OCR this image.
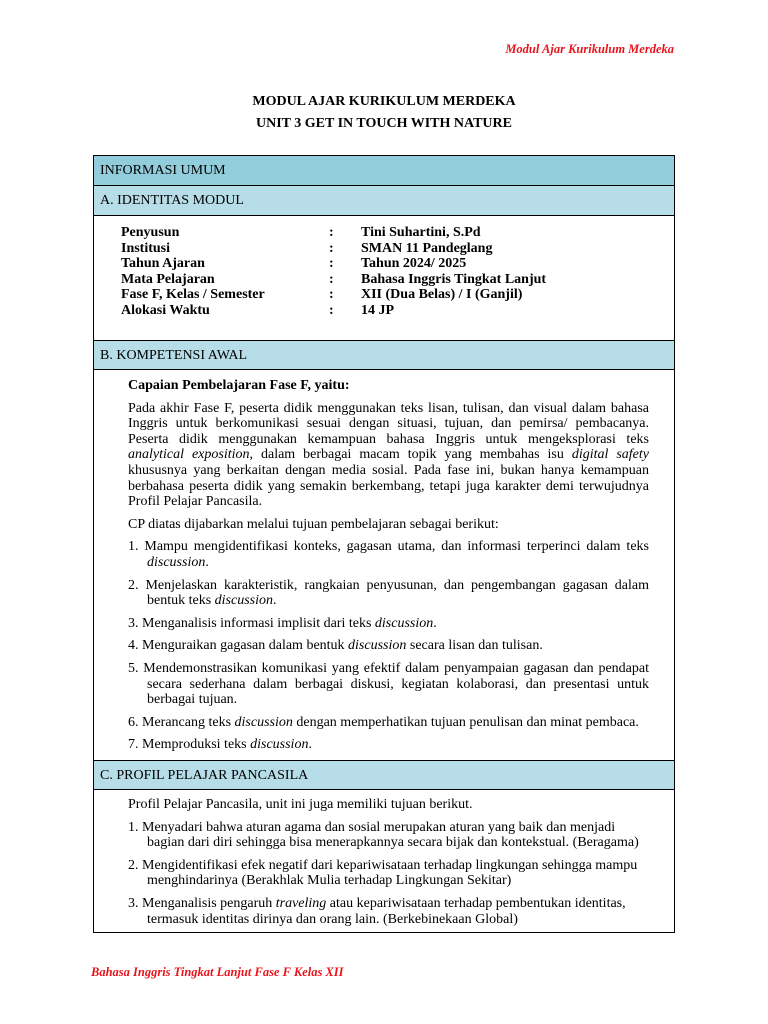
Modul Ajar Kurikulum Merdeka
MODUL AJAR KURIKULUM MERDEKA
UNIT 3 GET IN TOUCH WITH NATURE
INFORMASI UMUM
A. IDENTITAS MODUL
Penyusun	: Tini Suhartini, S.Pd
Institusi	: SMAN 11 Pandeglang
Tahun Ajaran	: Tahun 2024/ 2025
Mata Pelajaran	: Bahasa Inggris Tingkat Lanjut
Fase F, Kelas / Semester	: XII (Dua Belas) / I (Ganjil)
Alokasi Waktu	: 14 JP
B. KOMPETENSI AWAL

Capaian Pembelajaran Fase F, yaitu:

Pada akhir Fase F, peserta didik menggunakan teks lisan, tulisan, dan visual dalam bahasa Inggris untuk berkomunikasi sesuai dengan situasi, tujuan, dan pemirsa/ pembacanya. Peserta didik menggunakan kemampuan bahasa Inggris untuk mengeksplorasi teks analytical exposition, dalam berbagai macam topik yang membahas isu digital safety khususnya yang berkaitan dengan media sosial. Pada fase ini, bukan hanya kemampuan berbahasa peserta didik yang semakin berkembang, tetapi juga karakter demi terwujudnya Profil Pelajar Pancasila.

CP diatas dijabarkan melalui tujuan pembelajaran sebagai berikut:

1. Mampu mengidentifikasi konteks, gagasan utama, dan informasi terperinci dalam teks discussion.

2. Menjelaskan karakteristik, rangkaian penyusunan, dan pengembangan gagasan dalam bentuk teks discussion.

3. Menganalisis informasi implisit dari teks discussion.

4. Menguraikan gagasan dalam bentuk discussion secara lisan dan tulisan.

5. Mendemonstrasikan komunikasi yang efektif dalam penyampaian gagasan dan pendapat secara sederhana dalam berbagai diskusi, kegiatan kolaborasi, dan presentasi untuk berbagai tujuan.

6. Merancang teks discussion dengan memperhatikan tujuan penulisan dan minat pembaca.

7. Memproduksi teks discussion.

C. PROFIL PELAJAR PANCASILA

Profil Pelajar Pancasila, unit ini juga memiliki tujuan berikut.

1. Menyadari bahwa aturan agama dan sosial merupakan aturan yang baik dan menjadi bagian dari diri sehingga bisa menerapkannya secara bijak dan kontekstual. (Beragama)

2. Mengidentifikasi efek negatif dari kepariwisataan terhadap lingkungan sehingga mampu menghindarinya (Berakhlak Mulia terhadap Lingkungan Sekitar)

3. Menganalisis pengaruh traveling atau kepariwisataan terhadap pembentukan identitas, termasuk identitas dirinya dan orang lain. (Berkebinekaan Global)

Bahasa Inggris Tingkat Lanjut Fase F Kelas XII
